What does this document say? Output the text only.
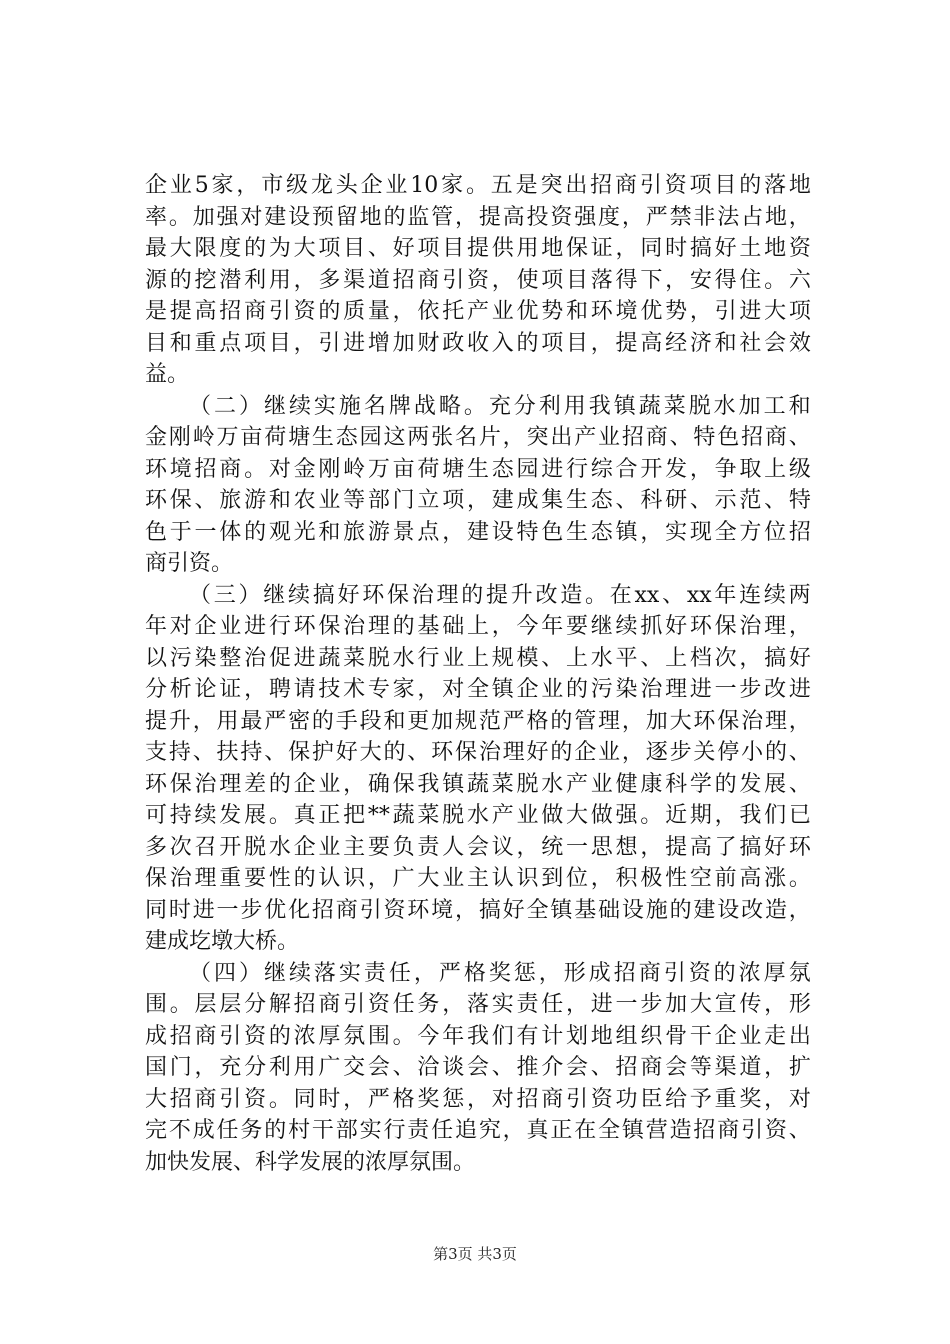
企 业 5 家 ， 市 级 龙 头 企 业 10 家 。 五 是 突 出 招 商 引 资 项 目 的 落 地
率 。 加 强 对 建 设 预 留 地 的 监 管 ， 提 高 投 资 强 度 ， 严 禁 非 法 占 地 ，
最 大 限 度 的 为 大 项 目 、 好 项 目 提 供 用 地 保 证 ， 同 时 搞 好 土 地 资
源 的 挖 潜 利 用 ， 多 渠 道 招 商 引 资 ， 使 项 目 落 得 下 ， 安 得 住 。 六
是 提 高 招 商 引 资 的 质 量 ， 依 托 产 业 优 势 和 环 境 优 势 ， 引 进 大 项
目 和 重 点 项 目 ， 引 进 增 加 财 政 收 入 的 项 目 ， 提 高 经 济 和 社 会 效
益。
（ 二 ） 继 续 实 施 名 牌 战 略 。 充 分 利 用 我 镇 蔬 菜 脱 水 加 工 和
金 刚 岭 万 亩 荷 塘 生 态 园 这 两 张 名 片 ， 突 出 产 业 招 商 、 特 色 招 商 、
环 境 招 商 。 对 金 刚 岭 万 亩 荷 塘 生 态 园 进 行 综 合 开 发 ， 争 取 上 级
环 保 、 旅 游 和 农 业 等 部 门 立 项 ， 建 成 集 生 态 、 科 研 、 示 范 、 特
色 于 一 体 的 观 光 和 旅 游 景 点 ， 建 设 特 色 生 态 镇 ， 实 现 全 方 位 招
商引资。
（ 三 ） 继 续 搞 好 环 保 治 理 的 提 升 改 造 。 在 xx 、 xx 年 连 续 两
年 对 企 业 进 行 环 保 治 理 的 基 础 上 ， 今 年 要 继 续 抓 好 环 保 治 理 ，
以 污 染 整 治 促 进 蔬 菜 脱 水 行 业 上 规 模 、 上 水 平 、 上 档 次 ， 搞 好
分 析 论 证 ， 聘 请 技 术 专 家 ， 对 全 镇 企 业 的 污 染 治 理 进 一 步 改 进
提 升 ， 用 最 严 密 的 手 段 和 更 加 规 范 严 格 的 管 理 ， 加 大 环 保 治 理 ，
支 持 、 扶 持 、 保 护 好 大 的 、 环 保 治 理 好 的 企 业 ， 逐 步 关 停 小 的 、
环 保 治 理 差 的 企 业 ， 确 保 我 镇 蔬 菜 脱 水 产 业 健 康 科 学 的 发 展 、
可 持 续 发 展 。 真 正 把 ** 蔬 菜 脱 水 产 业 做 大 做 强 。 近 期 ， 我 们 已
多 次 召 开 脱 水 企 业 主 要 负 责 人 会 议 ， 统 一 思 想 ， 提 高 了 搞 好 环
保 治 理 重 要 性 的 认 识 ， 广 大 业 主 认 识 到 位 ， 积 极 性 空 前 高 涨 。
同 时 进 一 步 优 化 招 商 引 资 环 境 ， 搞 好 全 镇 基 础 设 施 的 建 设 改 造 ，
建成圪墩大桥。
（ 四 ） 继 续 落 实 责 任 ， 严 格 奖 惩 ， 形 成 招 商 引 资 的 浓 厚 氛
围 。 层 层 分 解 招 商 引 资 任 务 ， 落 实 责 任 ， 进 一 步 加 大 宣 传 ， 形
成 招 商 引 资 的 浓 厚 氛 围 。 今 年 我 们 有 计 划 地 组 织 骨 干 企 业 走 出
国 门 ， 充 分 利 用 广 交 会 、 洽 谈 会 、 推 介 会 、 招 商 会 等 渠 道 ， 扩
大 招 商 引 资 。 同 时 ， 严 格 奖 惩 ， 对 招 商 引 资 功 臣 给 予 重 奖 ， 对
完 不 成 任 务 的 村 干 部 实 行 责 任 追 究 ， 真 正 在 全 镇 营 造 招 商 引 资 、
加快发展、科学发展的浓厚氛围。
第3页 共3页
